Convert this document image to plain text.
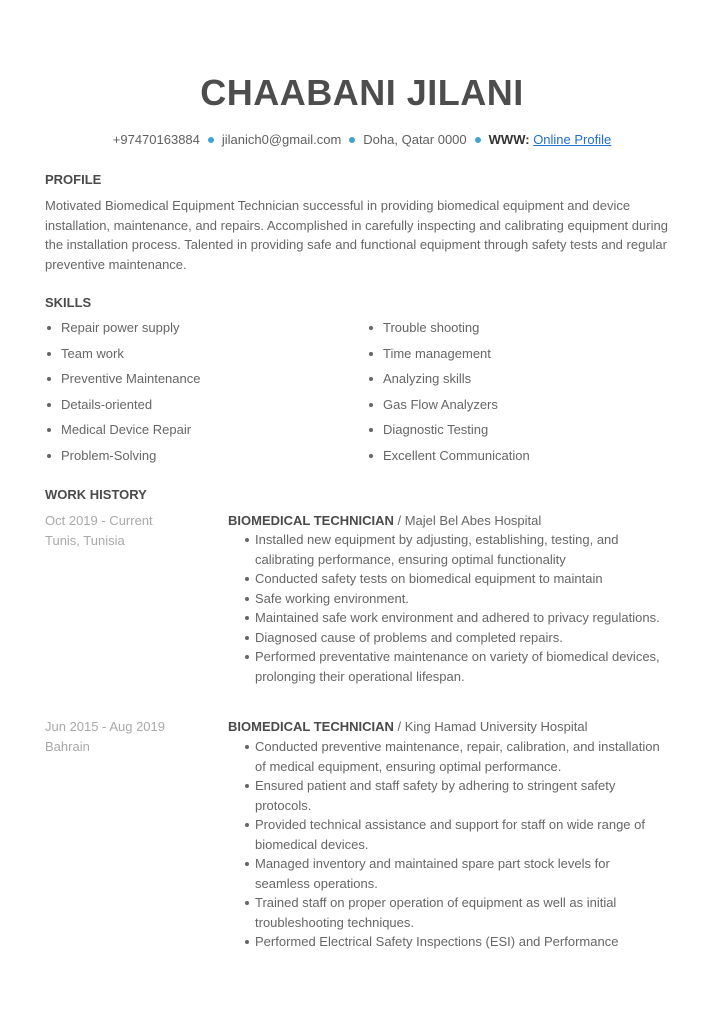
CHAABANI JILANI
+97470163884 jilanich0@gmail.com Doha, Qatar 0000 WWW: Online Profile
PROFILE
Motivated Biomedical Equipment Technician successful in providing biomedical equipment and device installation, maintenance, and repairs. Accomplished in carefully inspecting and calibrating equipment during the installation process. Talented in providing safe and functional equipment through safety tests and regular preventive maintenance.
SKILLS
Repair power supply
Team work
Preventive Maintenance
Details-oriented
Medical Device Repair
Problem-Solving
Trouble shooting
Time management
Analyzing skills
Gas Flow Analyzers
Diagnostic Testing
Excellent Communication
WORK HISTORY
Oct 2019 - Current
Tunis, Tunisia
BIOMEDICAL TECHNICIAN / Majel Bel Abes Hospital
Installed new equipment by adjusting, establishing, testing, and calibrating performance, ensuring optimal functionality
Conducted safety tests on biomedical equipment to maintain
Safe working environment.
Maintained safe work environment and adhered to privacy regulations.
Diagnosed cause of problems and completed repairs.
Performed preventative maintenance on variety of biomedical devices, prolonging their operational lifespan.
Jun 2015 - Aug 2019
Bahrain
BIOMEDICAL TECHNICIAN / King Hamad University Hospital
Conducted preventive maintenance, repair, calibration, and installation of medical equipment, ensuring optimal performance.
Ensured patient and staff safety by adhering to stringent safety protocols.
Provided technical assistance and support for staff on wide range of biomedical devices.
Managed inventory and maintained spare part stock levels for seamless operations.
Trained staff on proper operation of equipment as well as initial troubleshooting techniques.
Performed Electrical Safety Inspections (ESI) and Performance
